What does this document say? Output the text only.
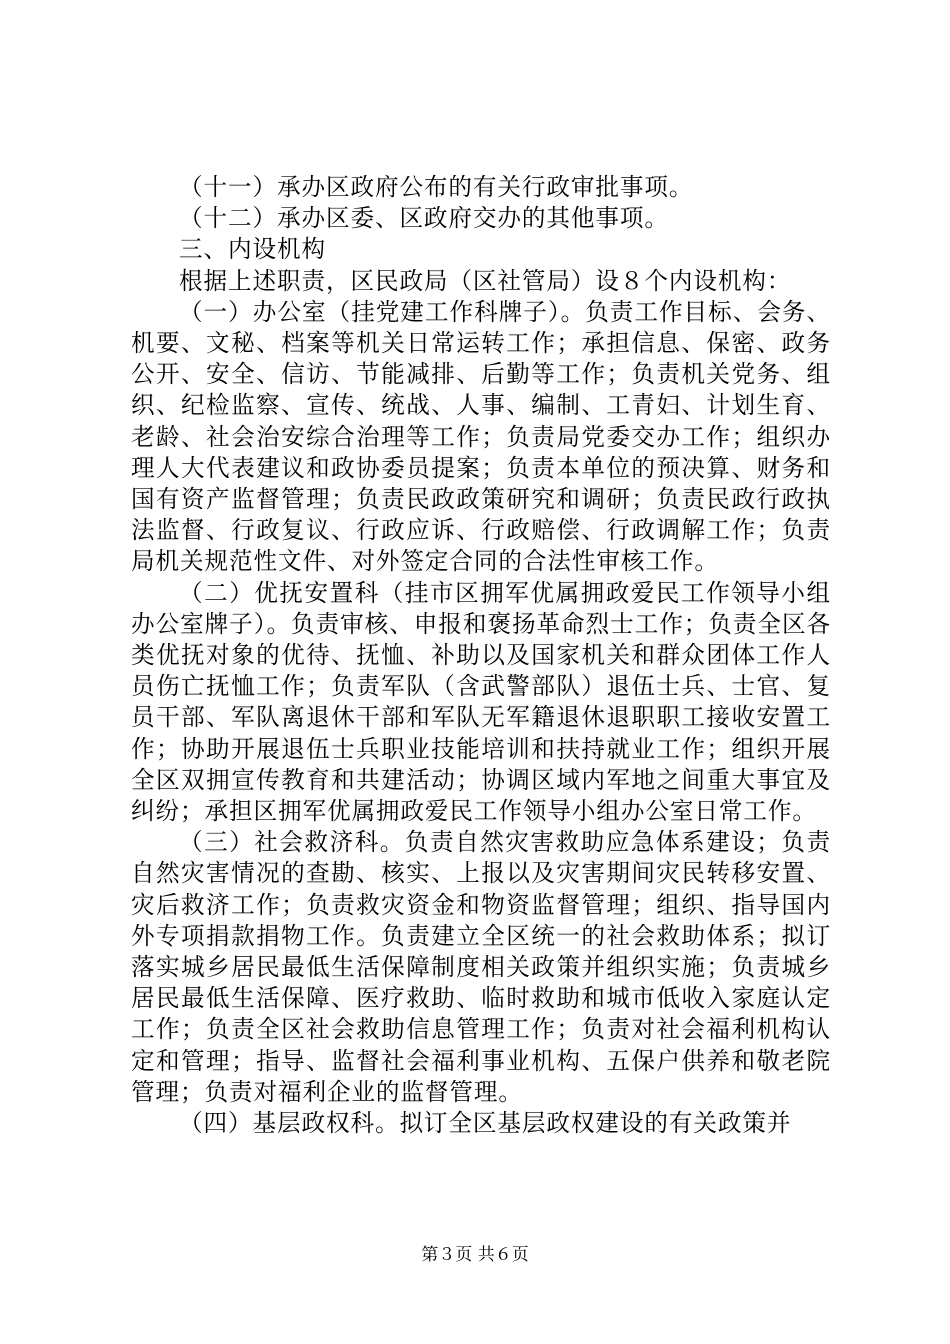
（十一）承办区政府公布的有关行政审批事项。

（十二）承办区委、区政府交办的其他事项。

三、内设机构

根据上述职责，区民政局（区社管局）设８个内设机构：

（一）办公室（挂党建工作科牌子）。负责工作目标、会务、机要、文秘、档案等机关日常运转工作；承担信息、保密、政务公开、安全、信访、节能减排、后勤等工作；负责机关党务、组织、纪检监察、宣传、统战、人事、编制、工青妇、计划生育、老龄、社会治安综合治理等工作；负责局党委交办工作；组织办理人大代表建议和政协委员提案；负责本单位的预决算、财务和国有资产监督管理；负责民政政策研究和调研；负责民政行政执法监督、行政复议、行政应诉、行政赔偿、行政调解工作；负责局机关规范性文件、对外签定合同的合法性审核工作。

（二）优抚安置科（挂市区拥军优属拥政爱民工作领导小组办公室牌子）。负责审核、申报和褒扬革命烈士工作；负责全区各类优抚对象的优待、抚恤、补助以及国家机关和群众团体工作人员伤亡抚恤工作；负责军队（含武警部队）退伍士兵、士官、复员干部、军队离退休干部和军队无军籍退休退职职工接收安置工作；协助开展退伍士兵职业技能培训和扶持就业工作；组织开展全区双拥宣传教育和共建活动；协调区域内军地之间重大事宜及纠纷；承担区拥军优属拥政爱民工作领导小组办公室日常工作。

（三）社会救济科。负责自然灾害救助应急体系建设；负责自然灾害情况的查勘、核实、上报以及灾害期间灾民转移安置、灾后救济工作；负责救灾资金和物资监督管理；组织、指导国内外专项捐款捐物工作。负责建立全区统一的社会救助体系；拟订落实城乡居民最低生活保障制度相关政策并组织实施；负责城乡居民最低生活保障、医疗救助、临时救助和城市低收入家庭认定工作；负责全区社会救助信息管理工作；负责对社会福利机构认定和管理；指导、监督社会福利事业机构、五保户供养和敬老院管理；负责对福利企业的监督管理。

（四）基层政权科。拟订全区基层政权建设的有关政策并

第３页 共６页
